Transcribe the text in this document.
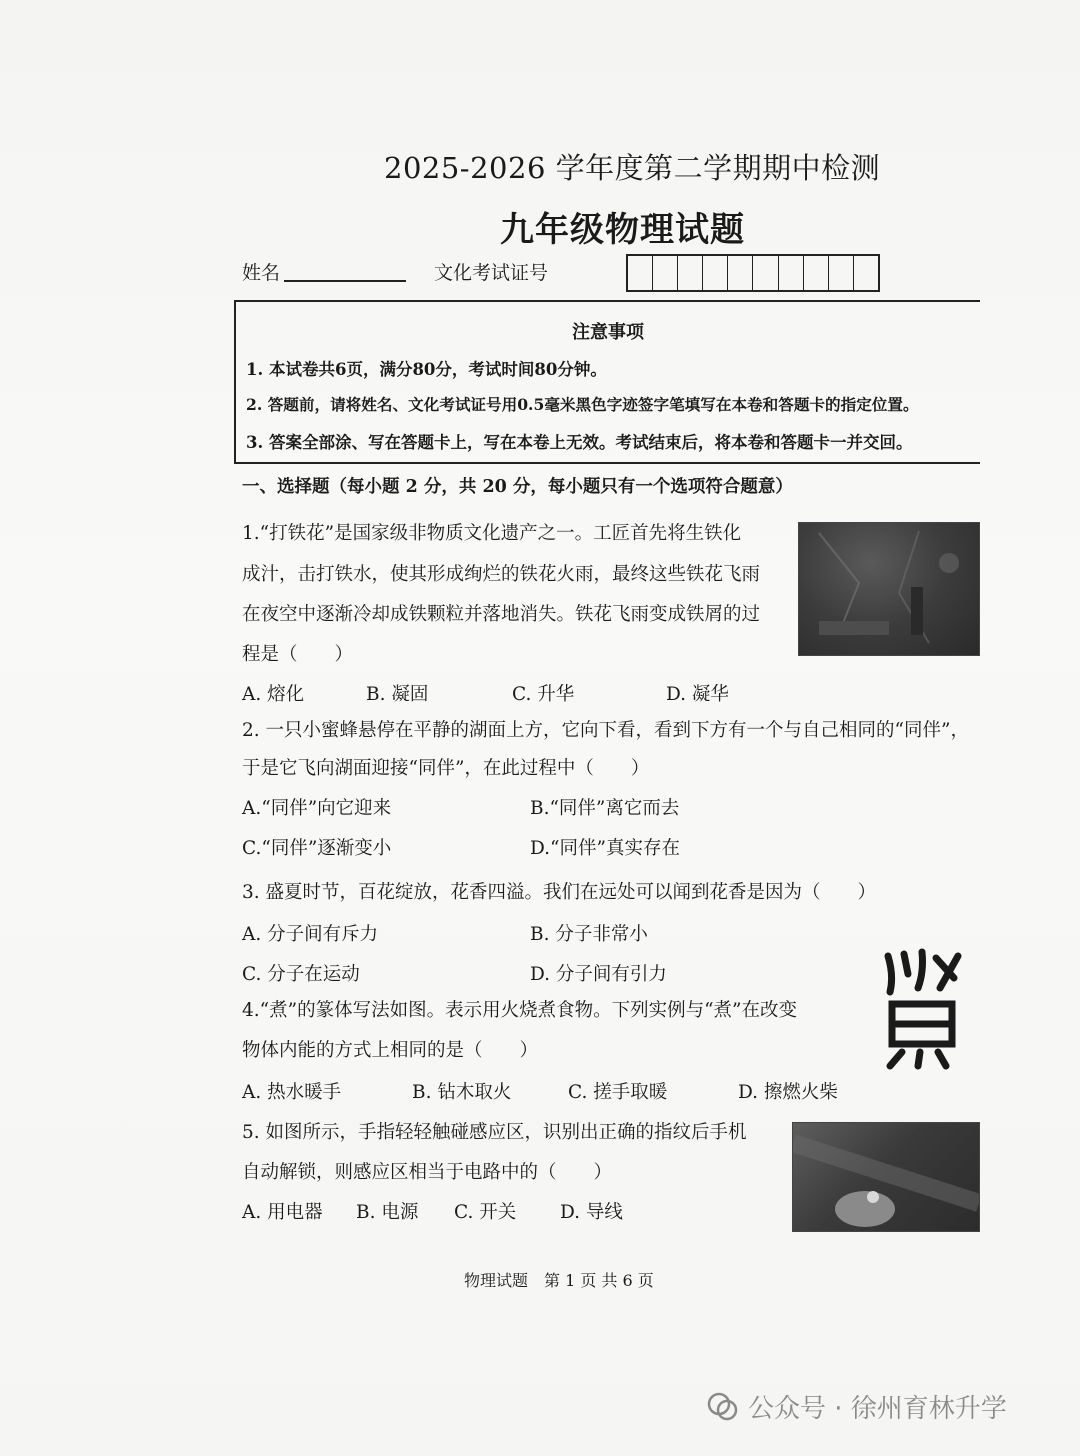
2025-2026 学年度第二学期期中检测
九年级物理试题
姓名	文化考试证号
注意事项
1. 本试卷共6页，满分80分，考试时间80分钟。
2. 答题前，请将姓名、文化考试证号用0.5毫米黑色字迹签字笔填写在本卷和答题卡的指定位置。
3. 答案全部涂、写在答题卡上，写在本卷上无效。考试结束后，将本卷和答题卡一并交回。
一、选择题（每小题 2 分，共 20 分，每小题只有一个选项符合题意）
1.“打铁花”是国家级非物质文化遗产之一。工匠首先将生铁化
成汁，击打铁水，使其形成绚烂的铁花火雨，最终这些铁花飞雨
在夜空中逐渐冷却成铁颗粒并落地消失。铁花飞雨变成铁屑的过
程是（　　）
A. 熔化	B. 凝固	C. 升华	D. 凝华
2. 一只小蜜蜂悬停在平静的湖面上方，它向下看，看到下方有一个与自己相同的“同伴”，
于是它飞向湖面迎接“同伴”，在此过程中（　　）
A.“同伴”向它迎来	B.“同伴”离它而去
C.“同伴”逐渐变小	D.“同伴”真实存在
3. 盛夏时节，百花绽放，花香四溢。我们在远处可以闻到花香是因为（　　）
A. 分子间有斥力	B. 分子非常小
C. 分子在运动	D. 分子间有引力
4.“煮”的篆体写法如图。表示用火烧煮食物。下列实例与“煮”在改变
物体内能的方式上相同的是（　　）
A. 热水暖手	B. 钻木取火	C. 搓手取暖	D. 擦燃火柴
5. 如图所示，手指轻轻触碰感应区，识别出正确的指纹后手机
自动解锁，则感应区相当于电路中的（　　）
A. 用电器 B. 电源 C. 开关 D. 导线
物理试题　第 1 页 共 6 页
公众号 · 徐州育林升学
